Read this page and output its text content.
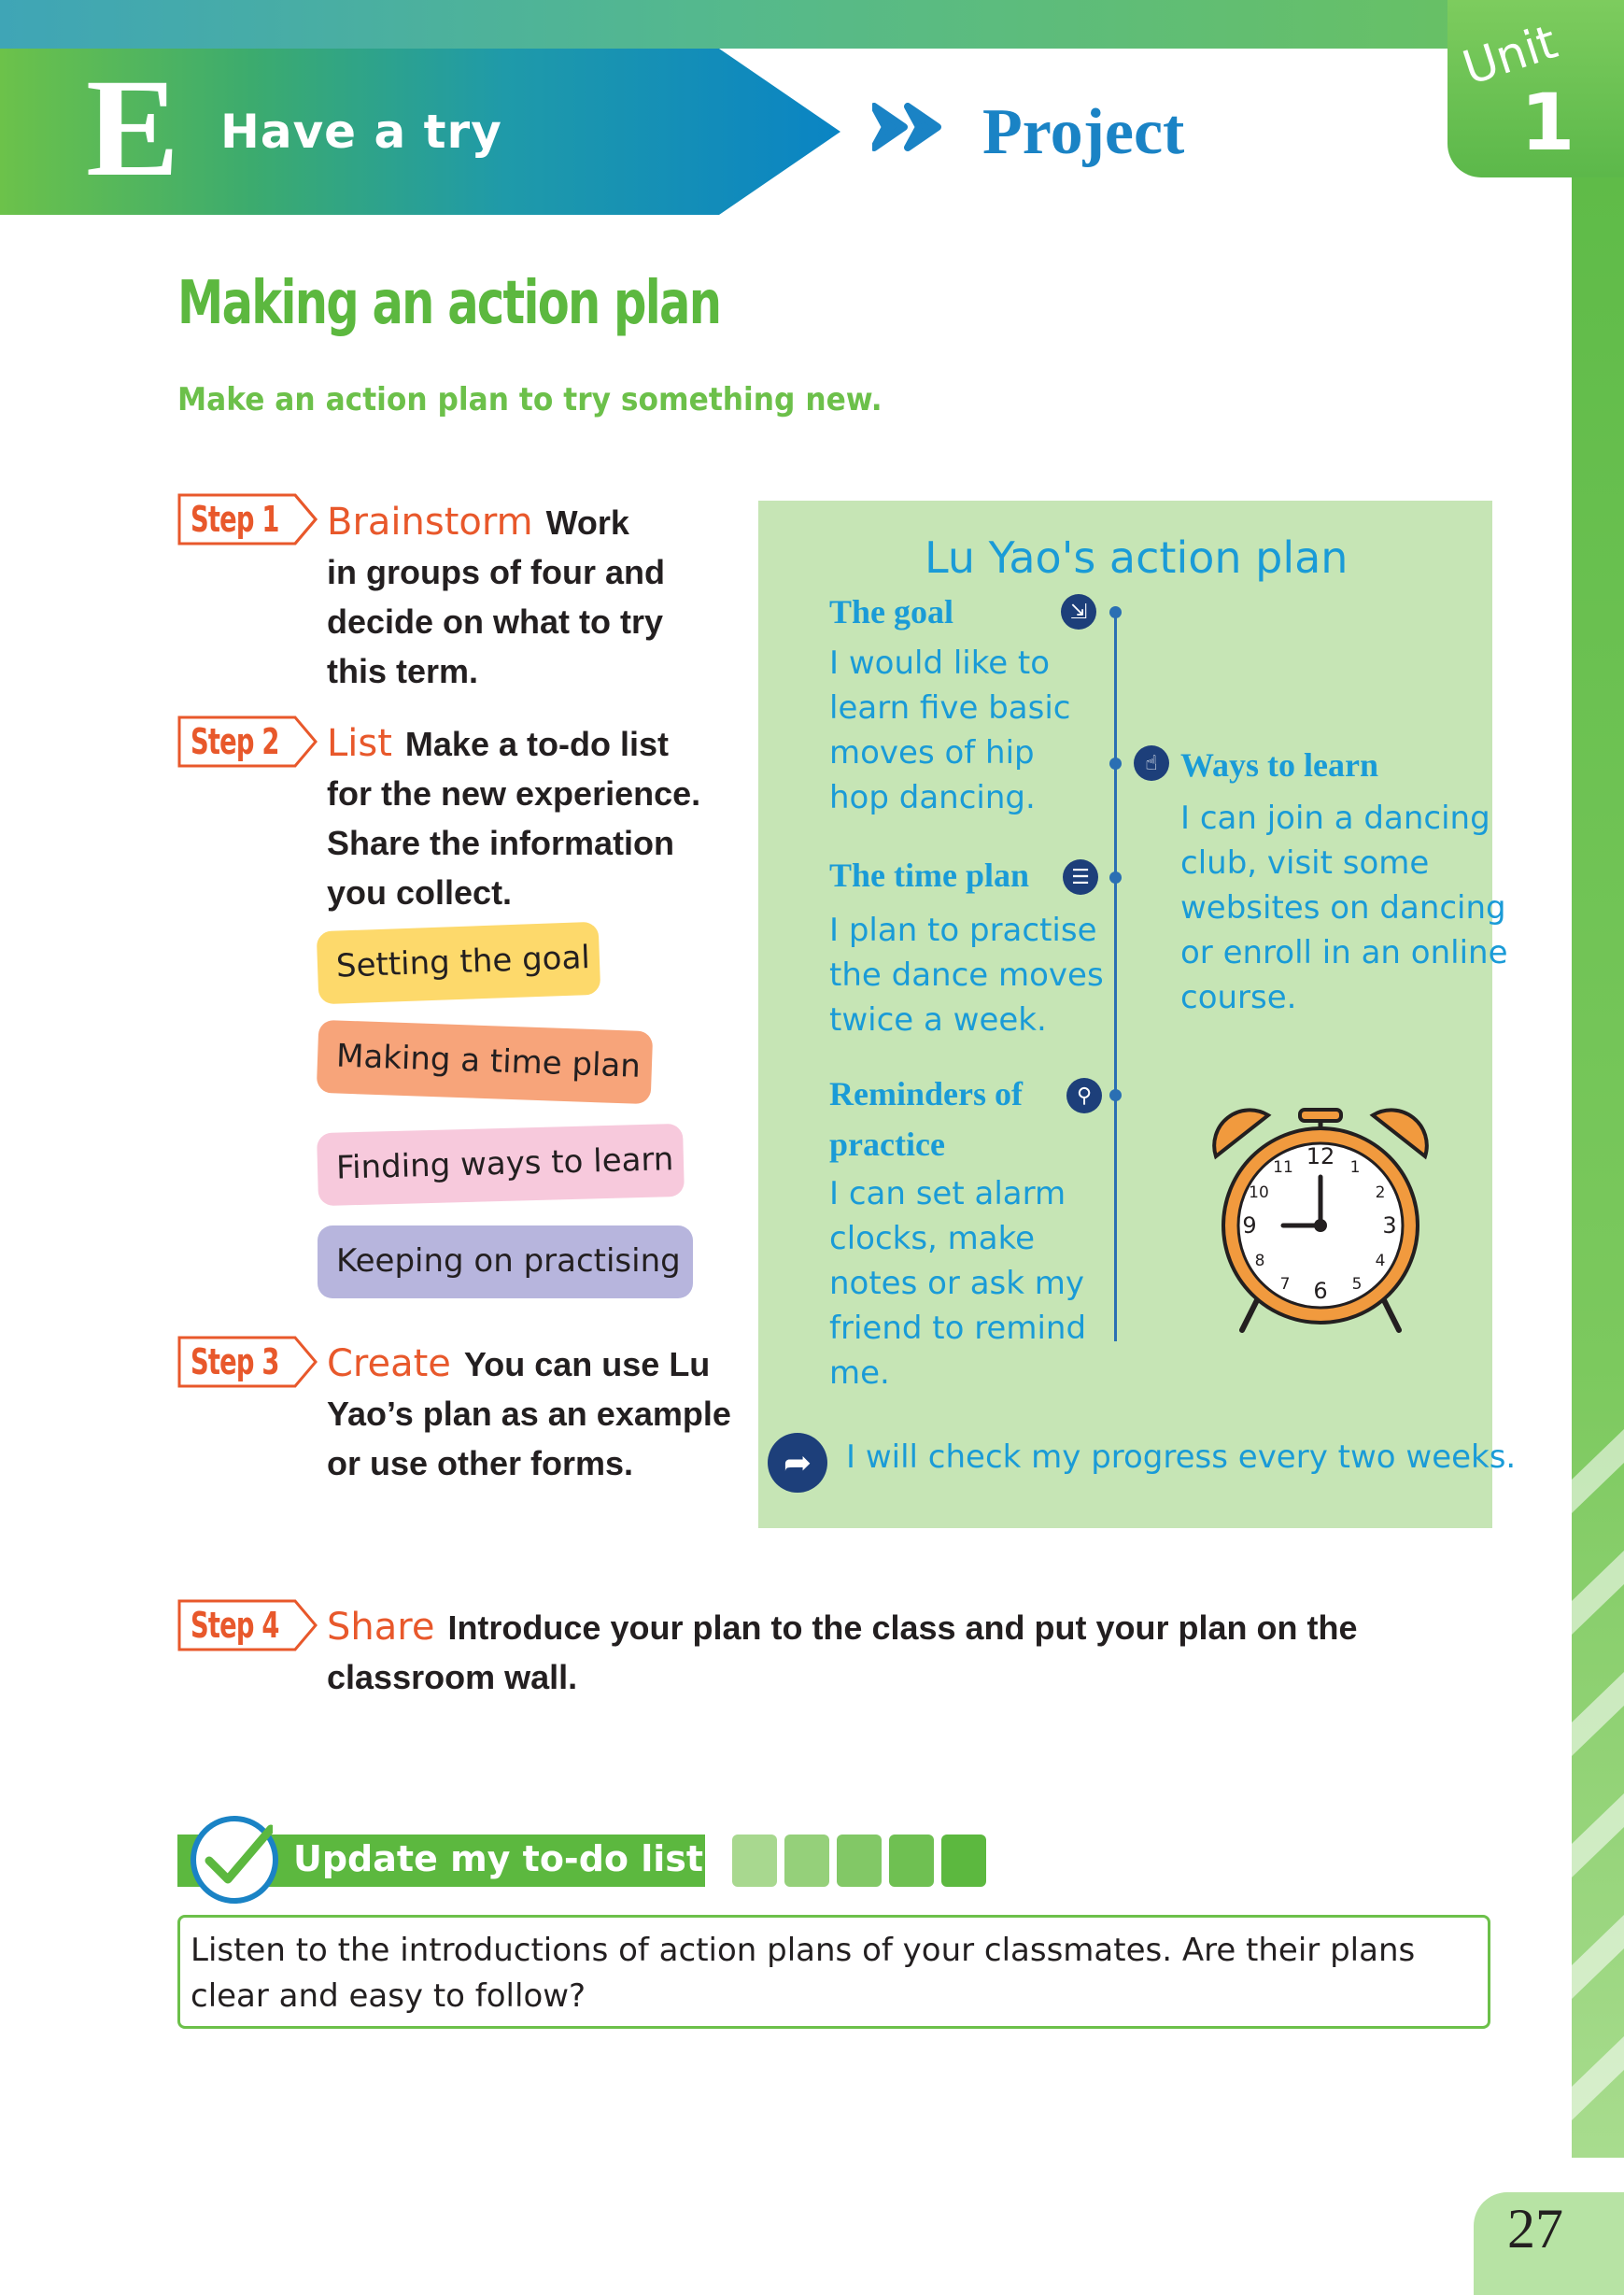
E Have a try	Project
Unit
1
27
Making an action plan
Make an action plan to try something new.
Step 1
Step 2
Step 3
Step 4
Brainstorm Work
in groups of four and
decide on what to try
this term.
List Make a to-do list
for the new experience.
Share the information
you collect.
Setting the goal
Making a time plan
Finding ways to learn
Keeping on practising
Create You can use Lu
Yao’s plan as an example
or use other forms.
Share Introduce your plan to the class and put your plan on the
classroom wall.
Lu Yao's action plan
The goal	⇲
I would like to
learn five basic
moves of hip
hop dancing.
☝ Ways to learn
I can join a dancing
club, visit some
websites on dancing
or enroll in an online
course.
The time plan	☰
I plan to practise
the dance moves
twice a week.
Reminders of
practice
⚲
I can set alarm
clocks, make
notes or ask my
friend to remind
me.
12 1
2
3
4
5
6
7
8
9
10
11
➦	I will check my progress every two weeks.
Update my to-do list
Listen to the introductions of action plans of your classmates. Are their plans clear and easy to follow?
